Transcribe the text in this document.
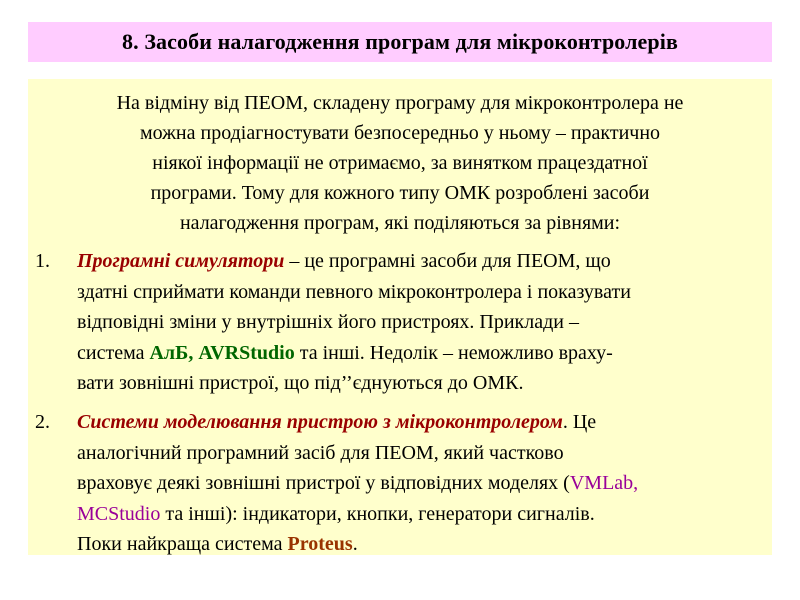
8. Засоби налагодження програм для мікроконтролерів
На відміну від ПЕОМ, складену програму для мікроконтролера не
можна продіагностувати безпосередньо у ньому – практично
ніякої інформації не отримаємо, за винятком працездатної
програми. Тому для кожного типу ОМК розроблені засоби
налагодження програм, які поділяються за рівнями:
1. Програмні симулятори – це програмні засоби для ПЕОМ, що
здатні сприймати команди певного мікроконтролера і показувати
відповідні зміни у внутрішніх його пристроях. Приклади –
система АлБ, AVRStudio та інші. Недолік – неможливо враху-
вати зовнішні пристрої, що під’’єднуються до ОМК.
2. Системи моделювання пристрою з мікроконтролером. Це
аналогічний програмний засіб для ПЕОМ, який частково
враховує деякі зовнішні пристрої у відповідних моделях (VMLab,
MCStudio та інші): індикатори, кнопки, генератори сигналів.
Поки найкраща система Proteus.
